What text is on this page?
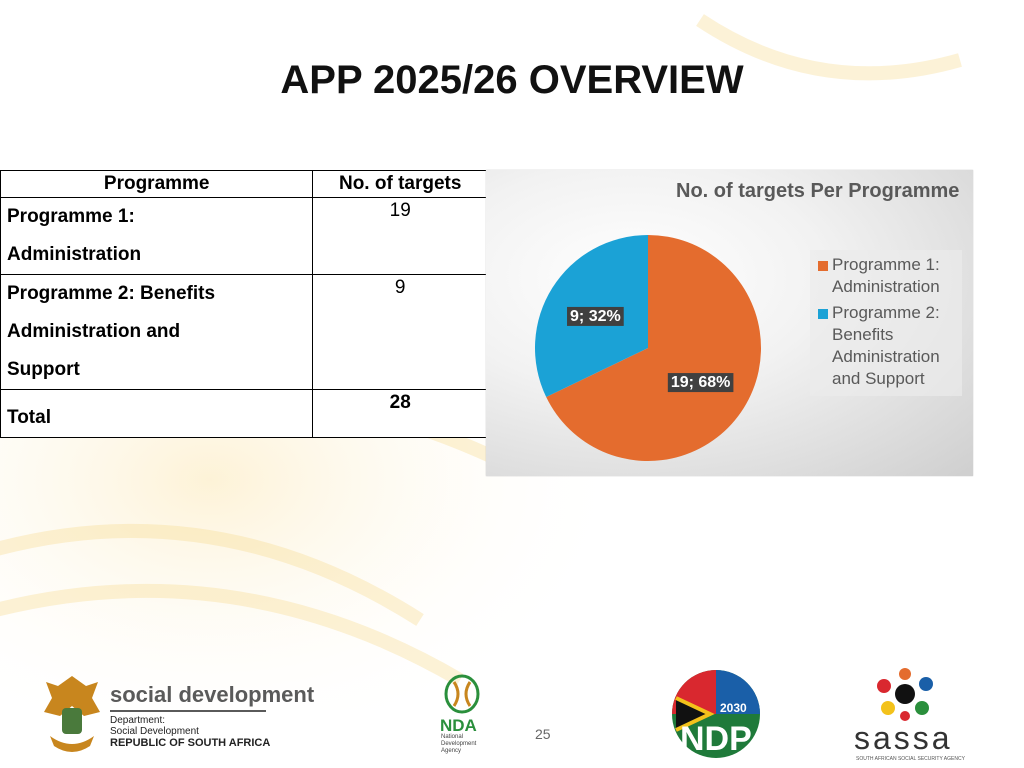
APP 2025/26 OVERVIEW
Programme	No. of targets

Programme 1:
Administration	19

Programme 2: Benefits
Administration and
Support	9
Total	28
19; 68%
9; 32%
No. of targets Per Programme
Programme 1:
Administration
Programme 2:
Benefits
Administration
and Support
social development
Department:
Social Development
REPUBLIC OF SOUTH AFRICA
NDA
National
Development
Agency
25
2030
NDP	sassa
SOUTH AFRICAN SOCIAL SECURITY AGENCY
